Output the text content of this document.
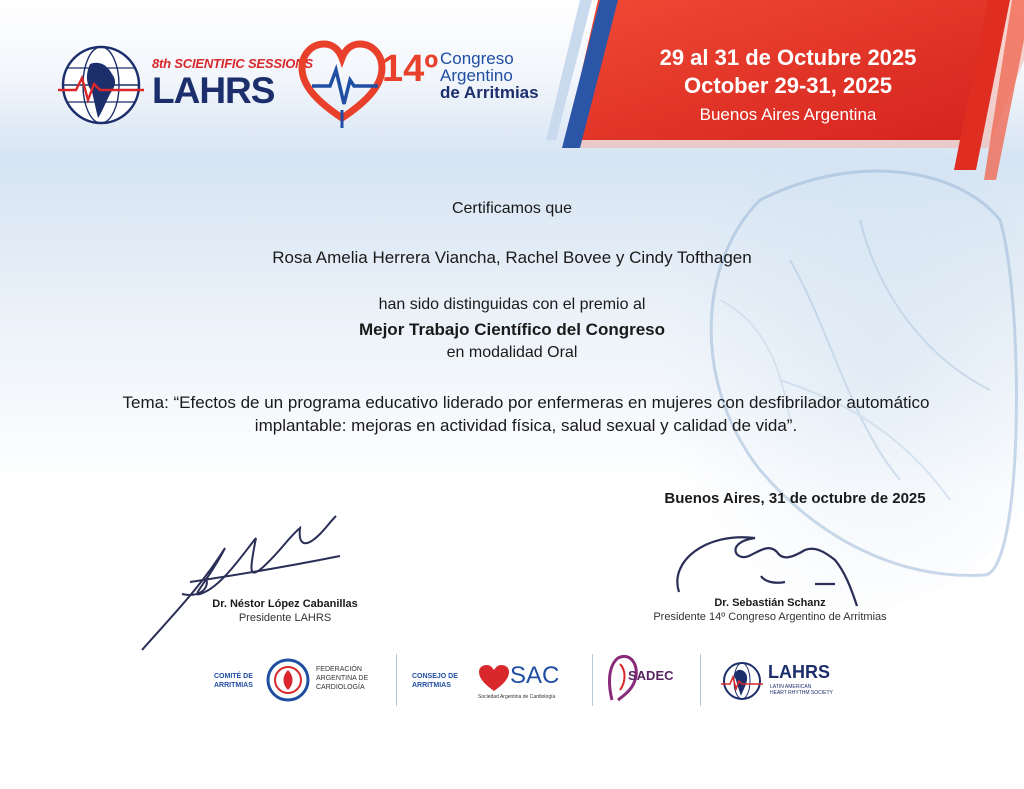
8th SCIENTIFIC SESSIONS
LAHRS
14º Congreso
Argentino
de Arritmias
29 al 31 de Octubre 2025
October 29-31, 2025
Buenos Aires Argentina
Certificamos que
Rosa Amelia Herrera Viancha, Rachel Bovee y Cindy Tofthagen
han sido distinguidas con el premio al
Mejor Trabajo Científico del Congreso
en modalidad Oral
Tema: “Efectos de un programa educativo liderado por enfermeras en mujeres con desfibrilador automático implantable: mejoras en actividad física, salud sexual y calidad de vida”.
Buenos Aires, 31 de octubre de 2025
Dr. Néstor López Cabanillas
Presidente LAHRS
Dr. Sebastián Schanz
Presidente 14º Congreso Argentino de Arritmias
COMITÉ DE
ARRITMIAS
FEDERACIÓN
ARGENTINA DE
CARDIOLOGÍA
CONSEJO DE
ARRITMIAS SAC
Sociedad Argentina de Cardiología
SADEC	LAHRS
LATIN AMERICAN
HEART RHYTHM SOCIETY
